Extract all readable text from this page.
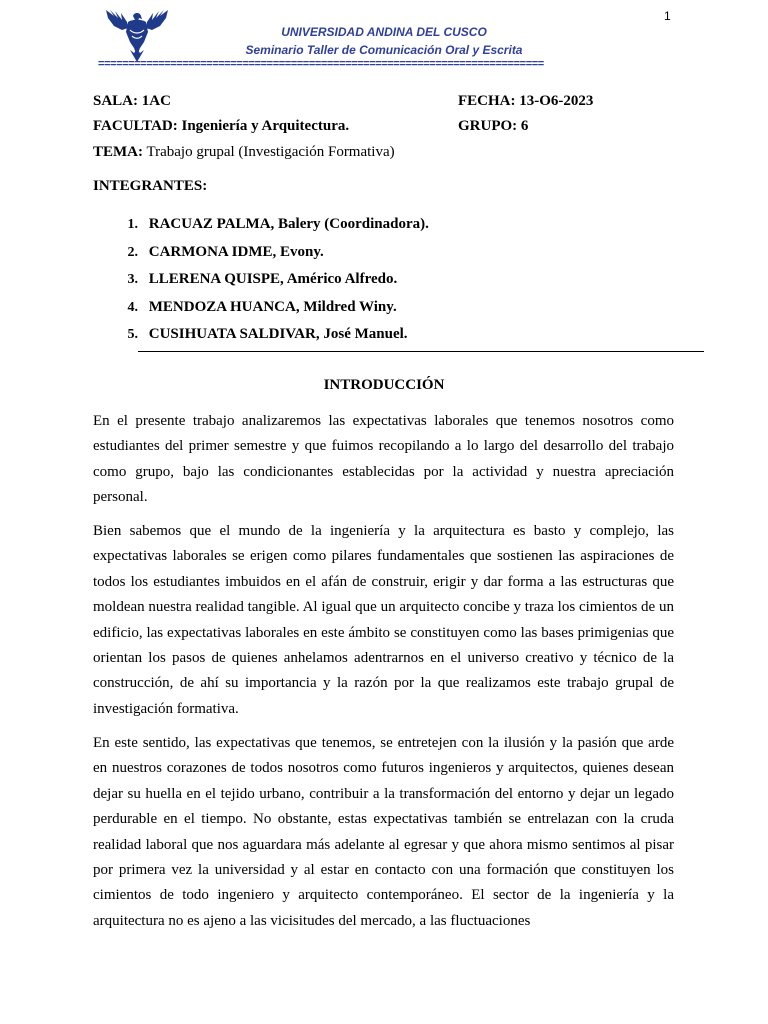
1
UNIVERSIDAD ANDINA DEL CUSCO
Seminario Taller de Comunicación Oral y Escrita
==========================================================================
SALA: 1AC	FECHA: 13-O6-2023
FACULTAD: Ingeniería y Arquitectura.	GRUPO: 6
TEMA: Trabajo grupal (Investigación Formativa)
INTEGRANTES:
1. RACUAZ PALMA, Balery (Coordinadora).
2. CARMONA IDME, Evony.
3. LLERENA QUISPE, Américo Alfredo.
4. MENDOZA HUANCA, Mildred Winy.
5. CUSIHUATA SALDIVAR, José Manuel.
INTRODUCCIÓN

En el presente trabajo analizaremos las expectativas laborales que tenemos nosotros como estudiantes del primer semestre y que fuimos recopilando a lo largo del desarrollo del trabajo como grupo, bajo las condicionantes establecidas por la actividad y nuestra apreciación personal.

Bien sabemos que el mundo de la ingeniería y la arquitectura es basto y complejo, las expectativas laborales se erigen como pilares fundamentales que sostienen las aspiraciones de todos los estudiantes imbuidos en el afán de construir, erigir y dar forma a las estructuras que moldean nuestra realidad tangible. Al igual que un arquitecto concibe y traza los cimientos de un edificio, las expectativas laborales en este ámbito se constituyen como las bases primigenias que orientan los pasos de quienes anhelamos adentrarnos en el universo creativo y técnico de la construcción, de ahí su importancia y la razón por la que realizamos este trabajo grupal de investigación formativa.

En este sentido, las expectativas que tenemos, se entretejen con la ilusión y la pasión que arde en nuestros corazones de todos nosotros como futuros ingenieros y arquitectos, quienes desean dejar su huella en el tejido urbano, contribuir a la transformación del entorno y dejar un legado perdurable en el tiempo. No obstante, estas expectativas también se entrelazan con la cruda realidad laboral que nos aguardara más adelante al egresar y que ahora mismo sentimos al pisar por primera vez la universidad y al estar en contacto con una formación que constituyen los cimientos de todo ingeniero y arquitecto contemporáneo. El sector de la ingeniería y la arquitectura no es ajeno a las vicisitudes del mercado, a las fluctuaciones
